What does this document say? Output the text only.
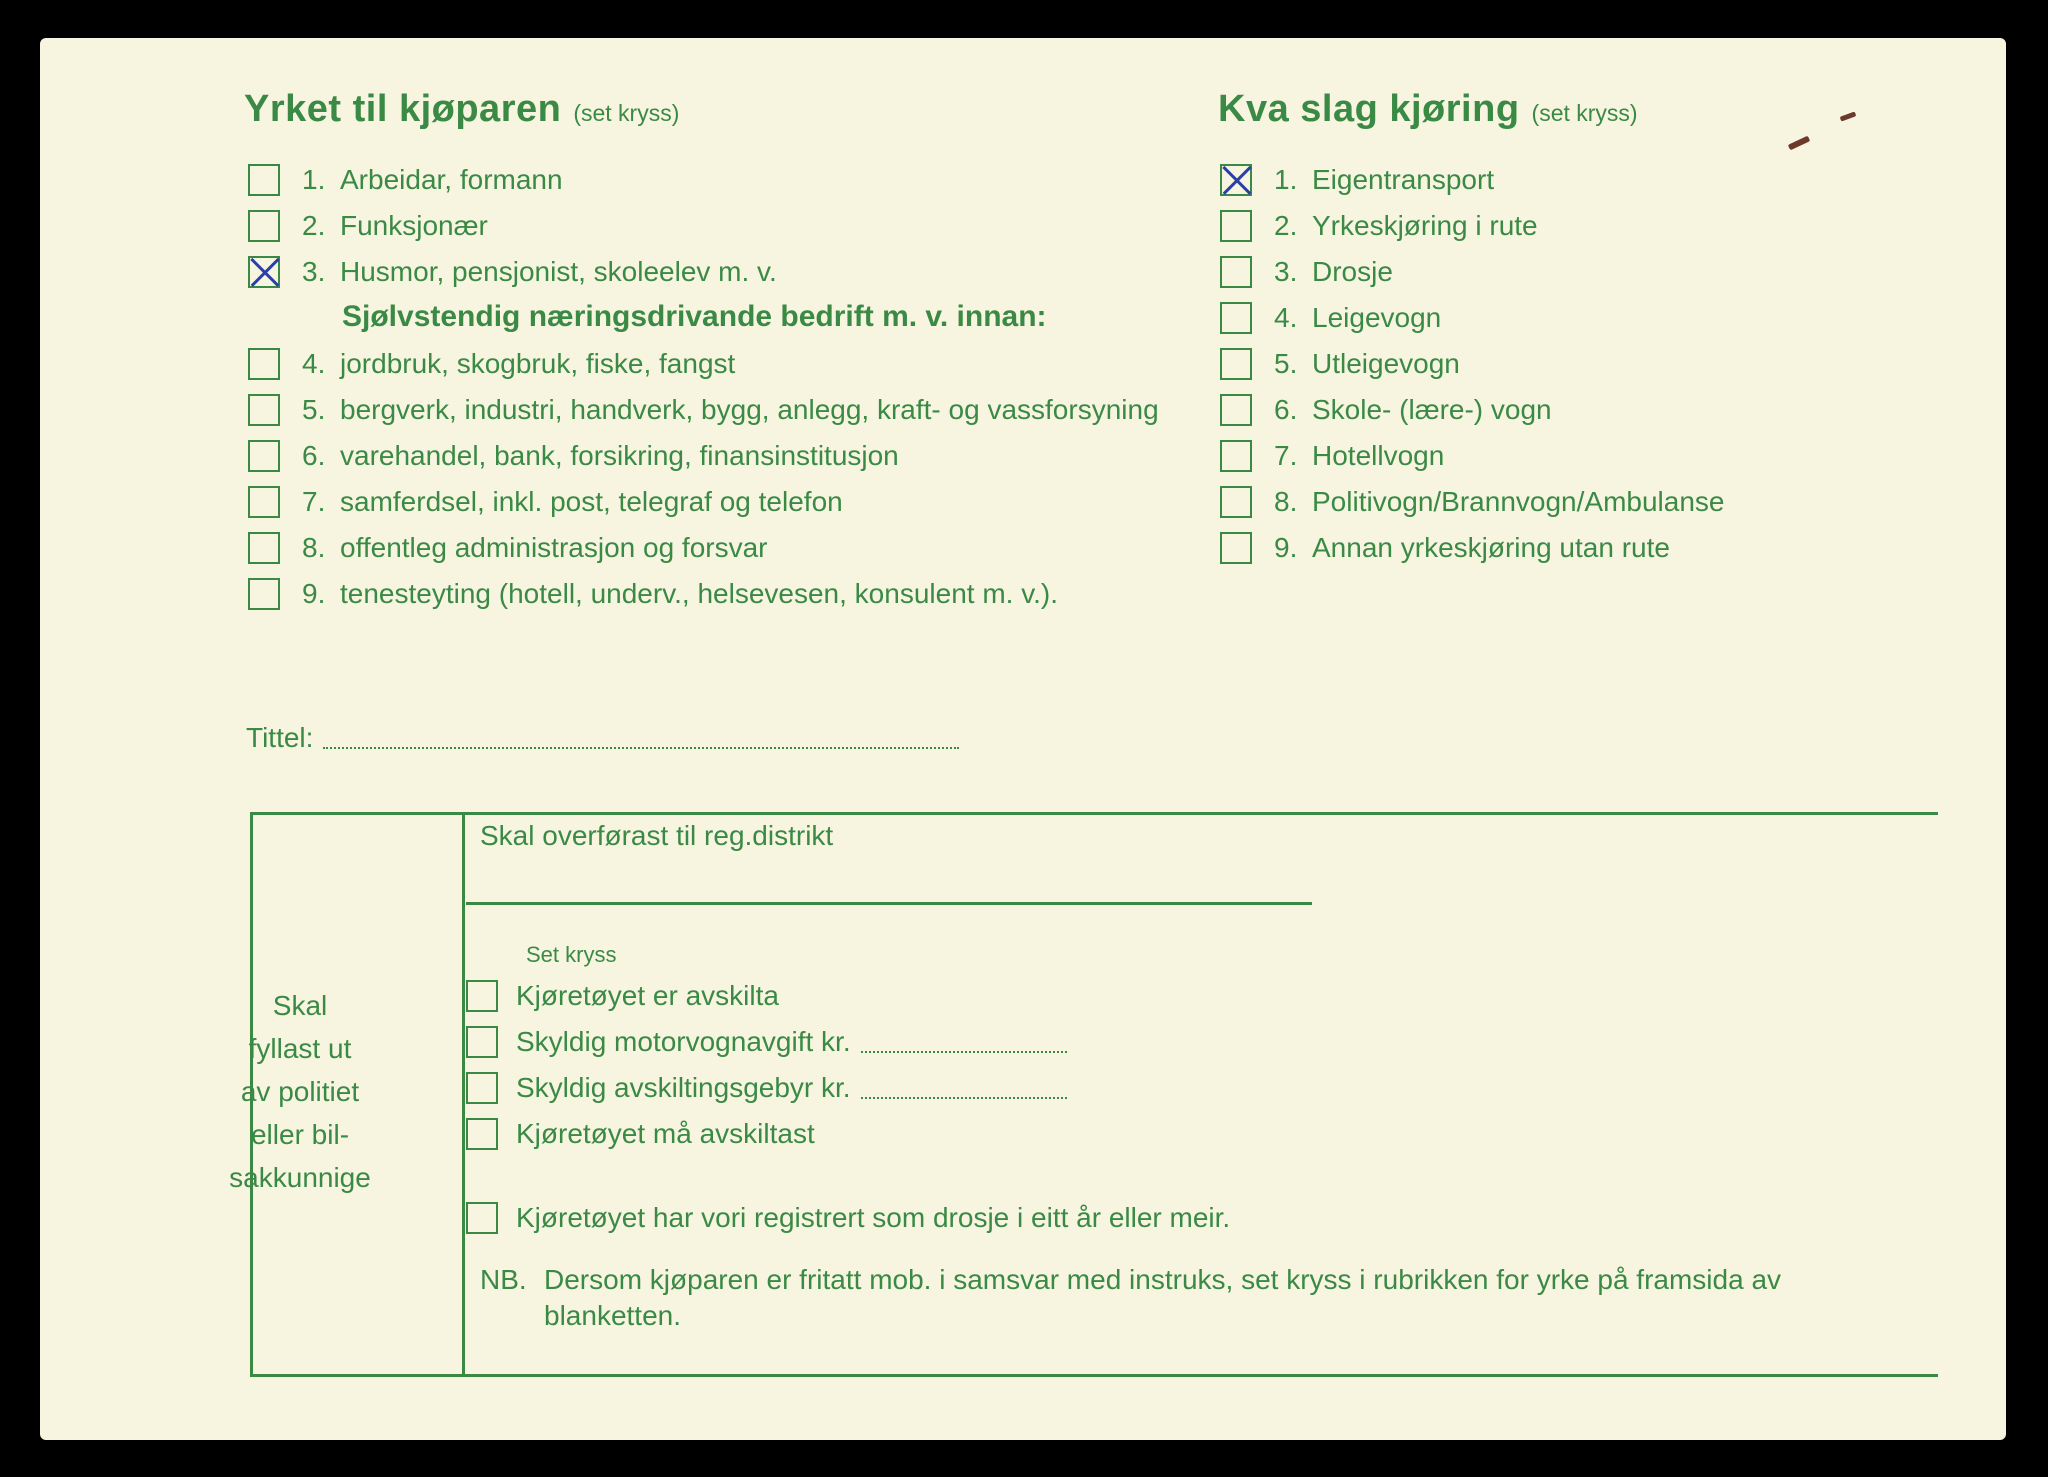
Yrket til kjøparen (set kryss)	Kva slag kjøring (set kryss)
1. Arbeidar, formann
2. Funksjonær
3. Husmor, pensjonist, skoleelev m. v.
4. jordbruk, skogbruk, fiske, fangst
5. bergverk, industri, handverk, bygg, anlegg, kraft- og vassforsyning
6. varehandel, bank, forsikring, finansinstitusjon
7. samferdsel, inkl. post, telegraf og telefon
8. offentleg administrasjon og forsvar
9. tenesteyting (hotell, underv., helsevesen, konsulent m. v.).
Sjølvstendig næringsdrivande bedrift m. v. innan:
1. Eigentransport
2. Yrkeskjøring i rute
3. Drosje
4. Leigevogn
5. Utleigevogn
6. Skole- (lære-) vogn
7. Hotellvogn
8. Politivogn/Brannvogn/Ambulanse
9. Annan yrkeskjøring utan rute
Tittel:
Skal
fyllast ut
av politiet
eller bil-
sakkunnige
Skal overførast til reg.distrikt
Set kryss
Kjøretøyet er avskilta
Skyldig motorvognavgift kr.
Skyldig avskiltingsgebyr kr.
Kjøretøyet må avskiltast
Kjøretøyet har vori registrert som drosje i eitt år eller meir.
NB. Dersom kjøparen er fritatt mob. i samsvar med instruks, set kryss i rubrikken for yrke på framsida av
blanketten.
